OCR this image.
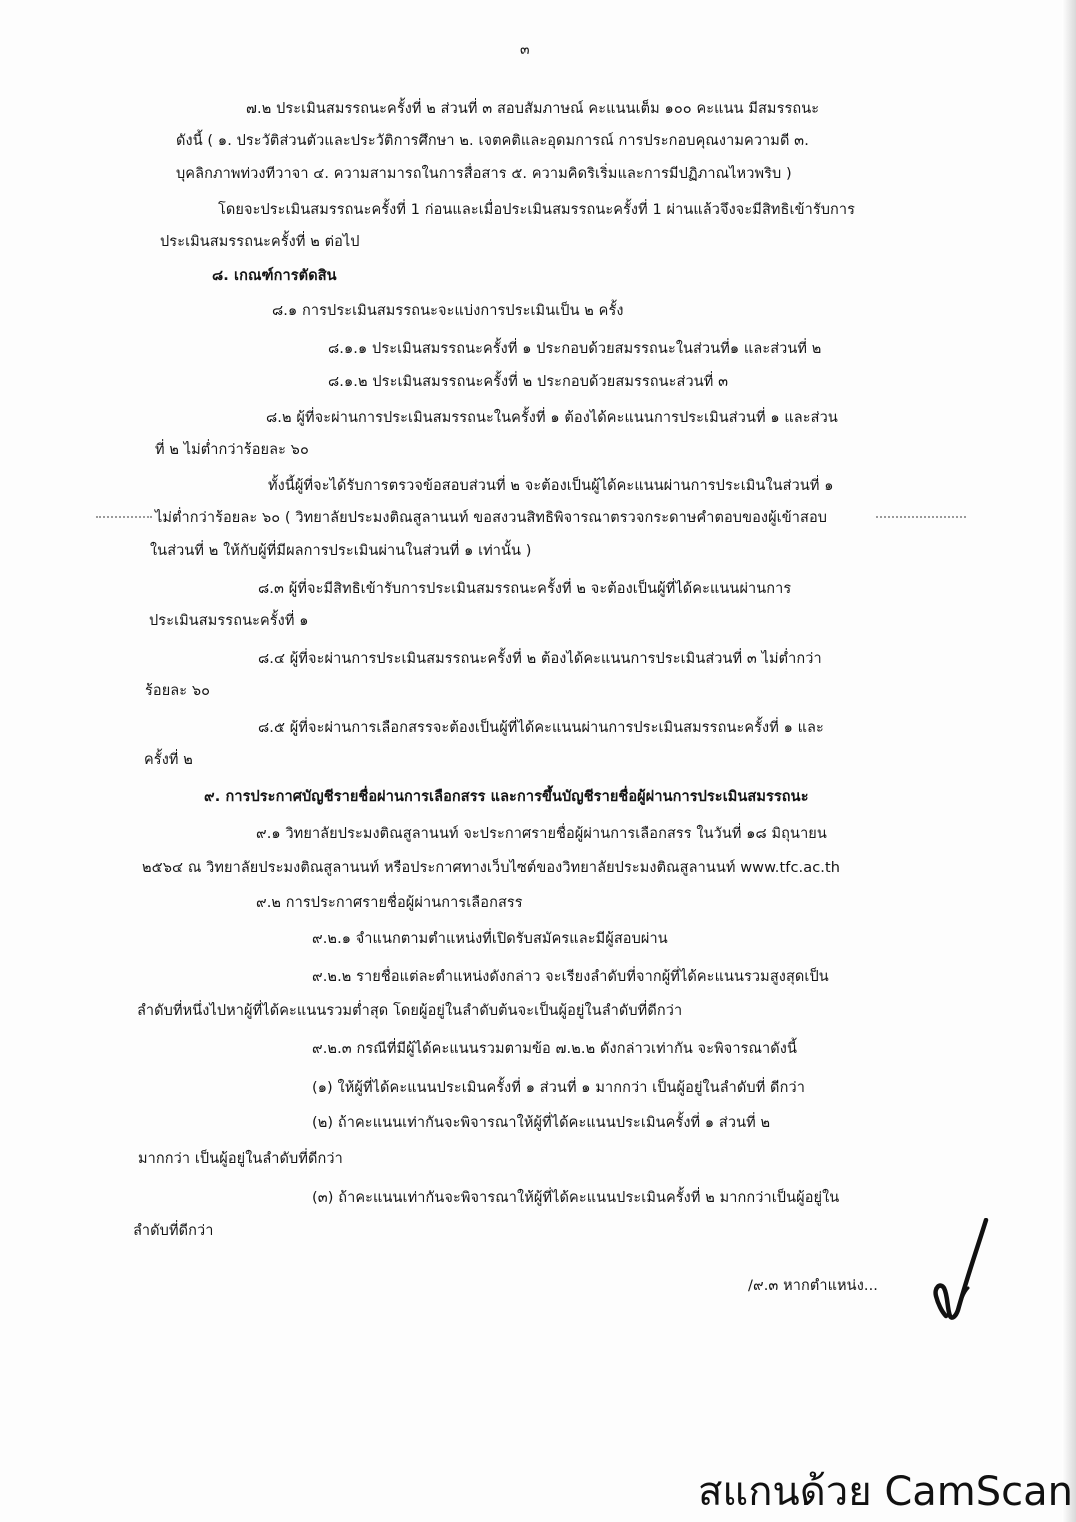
๓
๗.๒ ประเมินสมรรถนะครั้งที่ ๒ ส่วนที่ ๓ สอบสัมภาษณ์ คะแนนเต็ม ๑๐๐ คะแนน มีสมรรถนะ
ดังนี้ ( ๑. ประวัติส่วนตัวและประวัติการศึกษา ๒. เจตคติและอุดมการณ์ การประกอบคุณงามความดี ๓.
บุคลิกภาพท่วงทีวาจา ๔. ความสามารถในการสื่อสาร ๕. ความคิดริเริ่มและการมีปฏิภาณไหวพริบ )
โดยจะประเมินสมรรถนะครั้งที่ 1 ก่อนและเมื่อประเมินสมรรถนะครั้งที่ 1 ผ่านแล้วจึงจะมีสิทธิเข้ารับการ
ประเมินสมรรถนะครั้งที่ ๒ ต่อไป
๘. เกณฑ์การตัดสิน
๘.๑ การประเมินสมรรถนะจะแบ่งการประเมินเป็น ๒ ครั้ง
๘.๑.๑ ประเมินสมรรถนะครั้งที่ ๑ ประกอบด้วยสมรรถนะในส่วนที่๑ และส่วนที่ ๒
๘.๑.๒ ประเมินสมรรถนะครั้งที่ ๒ ประกอบด้วยสมรรถนะส่วนที่ ๓
๘.๒ ผู้ที่จะผ่านการประเมินสมรรถนะในครั้งที่ ๑ ต้องได้คะแนนการประเมินส่วนที่ ๑ และส่วน
ที่ ๒ ไม่ต่ำกว่าร้อยละ ๖๐
ทั้งนี้ผู้ที่จะได้รับการตรวจข้อสอบส่วนที่ ๒ จะต้องเป็นผู้ได้คะแนนผ่านการประเมินในส่วนที่ ๑
ไม่ต่ำกว่าร้อยละ ๖๐ ( วิทยาลัยประมงติณสูลานนท์ ขอสงวนสิทธิพิจารณาตรวจกระดาษคำตอบของผู้เข้าสอบ
ในส่วนที่ ๒ ให้กับผู้ที่มีผลการประเมินผ่านในส่วนที่ ๑ เท่านั้น )
๘.๓ ผู้ที่จะมีสิทธิเข้ารับการประเมินสมรรถนะครั้งที่ ๒ จะต้องเป็นผู้ที่ได้คะแนนผ่านการ
ประเมินสมรรถนะครั้งที่ ๑
๘.๔ ผู้ที่จะผ่านการประเมินสมรรถนะครั้งที่ ๒ ต้องได้คะแนนการประเมินส่วนที่ ๓ ไม่ต่ำกว่า
ร้อยละ ๖๐
๘.๕ ผู้ที่จะผ่านการเลือกสรรจะต้องเป็นผู้ที่ได้คะแนนผ่านการประเมินสมรรถนะครั้งที่ ๑ และ
ครั้งที่ ๒
๙. การประกาศบัญชีรายชื่อผ่านการเลือกสรร และการขึ้นบัญชีรายชื่อผู้ผ่านการประเมินสมรรถนะ
๙.๑ วิทยาลัยประมงติณสูลานนท์ จะประกาศรายชื่อผู้ผ่านการเลือกสรร ในวันที่ ๑๘ มิถุนายน
๒๕๖๔ ณ วิทยาลัยประมงติณสูลานนท์ หรือประกาศทางเว็บไซต์ของวิทยาลัยประมงติณสูลานนท์ www.tfc.ac.th
๙.๒ การประกาศรายชื่อผู้ผ่านการเลือกสรร
๙.๒.๑ จำแนกตามตำแหน่งที่เปิดรับสมัครและมีผู้สอบผ่าน
๙.๒.๒ รายชื่อแต่ละตำแหน่งดังกล่าว จะเรียงลำดับที่จากผู้ที่ได้คะแนนรวมสูงสุดเป็น
ลำดับที่หนึ่งไปหาผู้ที่ได้คะแนนรวมต่ำสุด โดยผู้อยู่ในลำดับต้นจะเป็นผู้อยู่ในลำดับที่ดีกว่า
๙.๒.๓ กรณีที่มีผู้ได้คะแนนรวมตามข้อ ๗.๒.๒ ดังกล่าวเท่ากัน จะพิจารณาดังนี้
(๑) ให้ผู้ที่ได้คะแนนประเมินครั้งที่ ๑ ส่วนที่ ๑ มากกว่า เป็นผู้อยู่ในลำดับที่ ดีกว่า
(๒) ถ้าคะแนนเท่ากันจะพิจารณาให้ผู้ที่ได้คะแนนประเมินครั้งที่ ๑ ส่วนที่ ๒
มากกว่า เป็นผู้อยู่ในลำดับที่ดีกว่า
(๓) ถ้าคะแนนเท่ากันจะพิจารณาให้ผู้ที่ได้คะแนนประเมินครั้งที่ ๒ มากกว่าเป็นผู้อยู่ใน
ลำดับที่ดีกว่า
/๙.๓ หากตำแหน่ง...
สแกนด้วย CamScan
